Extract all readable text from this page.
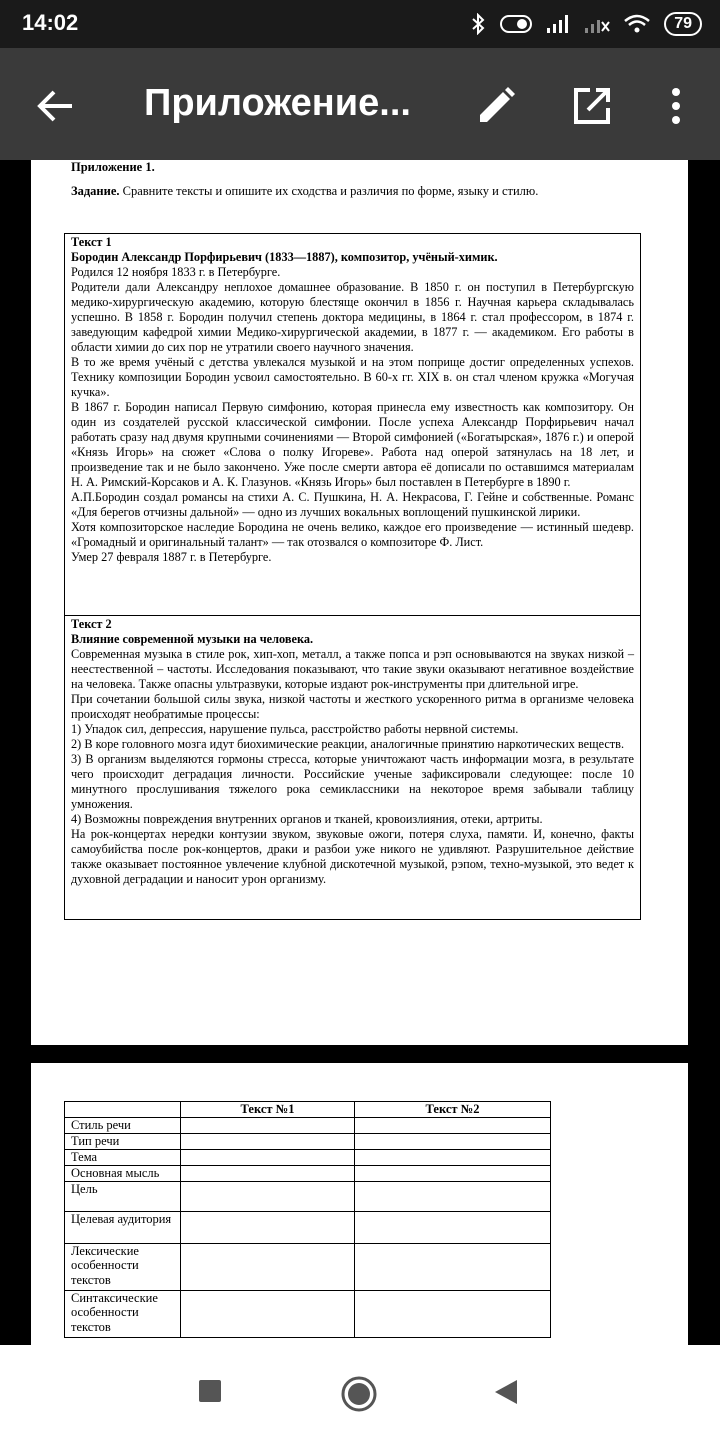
14:02	79
Приложение...
Приложение 1.
Задание. Сравните тексты и опишите их сходства и различия по форме, языку и стилю.

Текст 1

Бородин Александр Порфирьевич (1833—1887), композитор, учёный-химик.

Родился 12 ноября 1833 г. в Петербурге.

Родители дали Александру неплохое домашнее образование. В 1850 г. он поступил в Петербургскую медико-хирургическую академию, которую блестяще окончил в 1856 г. Научная карьера складывалась успешно. В 1858 г. Бородин получил степень доктора медицины, в 1864 г. стал профессором, в 1874 г. заведующим кафедрой химии Медико-хирургической академии, в 1877 г. — академиком. Его работы в области химии до сих пор не утратили своего научного значения.

В то же время учёный с детства увлекался музыкой и на этом поприще достиг определенных успехов. Технику композиции Бородин усвоил самостоятельно. В 60-х гг. XIX в. он стал членом кружка «Могучая кучка».

В 1867 г. Бородин написал Первую симфонию, которая принесла ему известность как композитору. Он один из создателей русской классической симфонии. После успеха Александр Порфирьевич начал работать сразу над двумя крупными сочинениями — Второй симфонией («Богатырская», 1876 г.) и оперой «Князь Игорь» на сюжет «Слова о полку Игореве». Работа над оперой затянулась на 18 лет, и произведение так и не было закончено. Уже после смерти автора её дописали по оставшимся материалам Н. А. Римский-Корсаков и А. К. Глазунов. «Князь Игорь» был поставлен в Петербурге в 1890 г.

А.П.Бородин создал романсы на стихи А. С. Пушкина, Н. А. Некрасова, Г. Гейне и собственные. Романс «Для берегов отчизны дальной» — одно из лучших вокальных воплощений пушкинской лирики.

Хотя композиторское наследие Бородина не очень велико, каждое его произведение — истинный шедевр. «Громадный и оригинальный талант» — так отозвался о композиторе Ф. Лист.

Умер 27 февраля 1887 г. в Петербурге.

Текст 2

Влияние современной музыки на человека.

Современная музыка в стиле рок, хип-хоп, металл, а также попса и рэп основываются на звуках низкой – неестественной – частоты. Исследования показывают, что такие звуки оказывают негативное воздействие на человека. Также опасны ультразвуки, которые издают рок-инструменты при длительной игре.

При сочетании большой силы звука, низкой частоты и жесткого ускоренного ритма в организме человека происходят необратимые процессы:

1) Упадок сил, депрессия, нарушение пульса, расстройство работы нервной системы.

2) В коре головного мозга идут биохимические реакции, аналогичные принятию наркотических веществ.

3) В организм выделяются гормоны стресса, которые уничтожают часть информации мозга, в результате чего происходит деградация личности. Российские ученые зафиксировали следующее: после 10 минутного прослушивания тяжелого рока семиклассники на некоторое время забывали таблицу умножения.

4) Возможны повреждения внутренних органов и тканей, кровоизлияния, отеки, артриты.

На рок-концертах нередки контузии звуком, звуковые ожоги, потеря слуха, памяти. И, конечно, факты самоубийства после рок-концертов, драки и разбои уже никого не удивляют. Разрушительное действие также оказывает постоянное увлечение клубной дискотечной музыкой, рэпом, техно-музыкой, это ведет к духовной деградации и наносит урон организму.

	Текст №1	Текст №2
Стиль речи		
Тип речи		
Тема		
Основная мысль		
Цель		
Целевая аудитория		
Лексические особенности текстов		
Синтаксические особенности текстов		
